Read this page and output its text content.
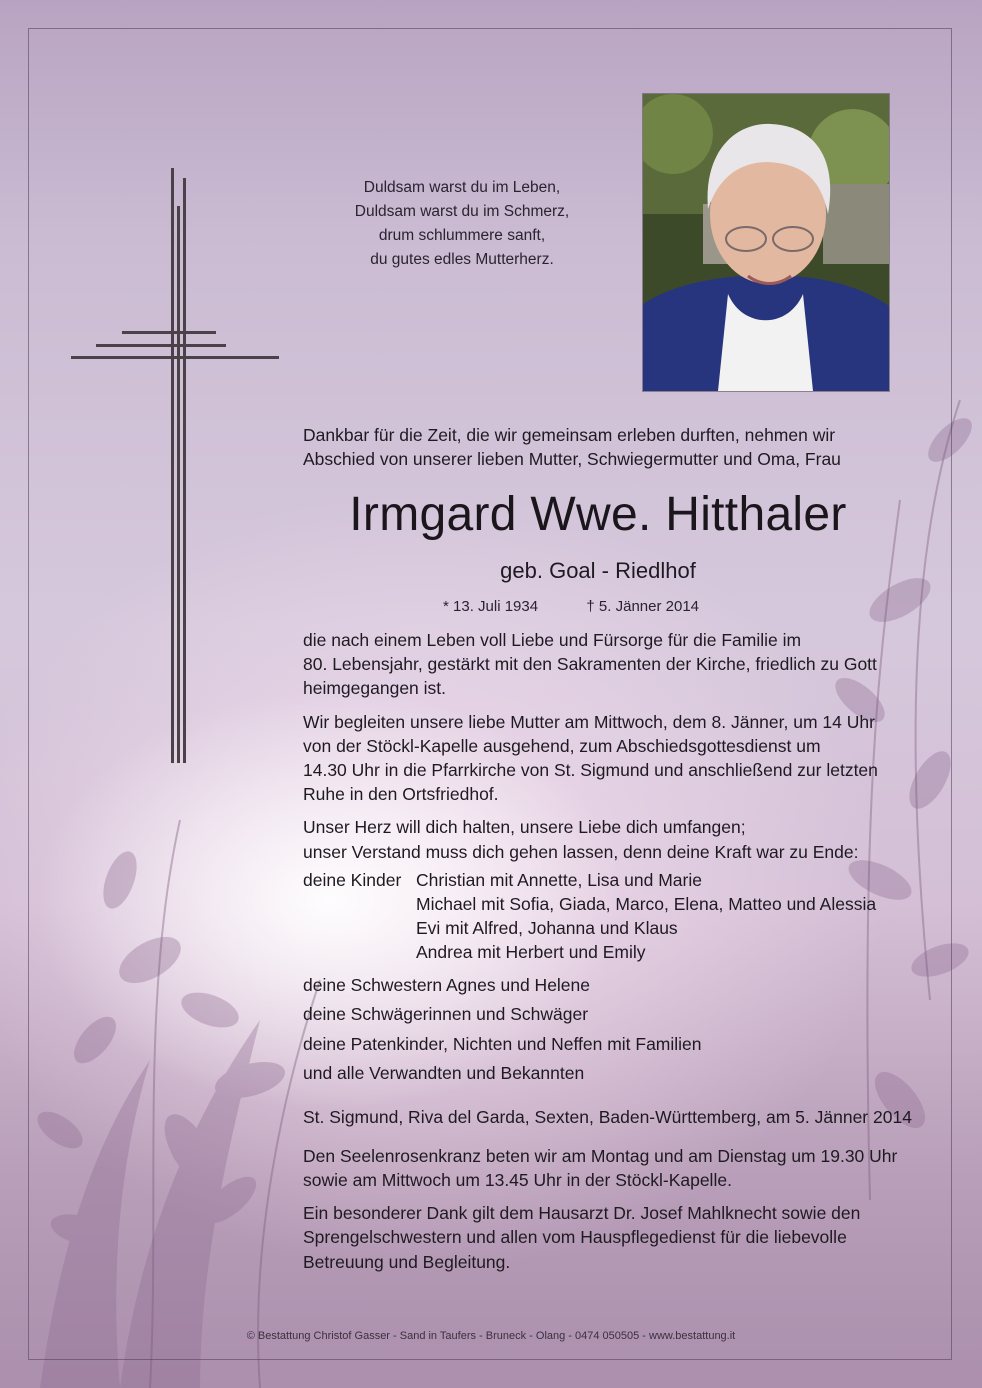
Duldsam warst du im Leben,
Duldsam warst du im Schmerz,
drum schlummere sanft,
du gutes edles Mutterherz.
Dankbar für die Zeit, die wir gemeinsam erleben durften, nehmen wir
Abschied von unserer lieben Mutter, Schwiegermutter und Oma, Frau
Irmgard Wwe. Hitthaler
geb. Goal - Riedlhof
* 13. Juli 1934	† 5. Jänner 2014
die nach einem Leben voll Liebe und Fürsorge für die Familie im
80. Lebensjahr, gestärkt mit den Sakramenten der Kirche, friedlich zu Gott
heimgegangen ist.
Wir begleiten unsere liebe Mutter am Mittwoch, dem 8. Jänner, um 14 Uhr
von der Stöckl-Kapelle ausgehend, zum Abschiedsgottesdienst um
14.30 Uhr in die Pfarrkirche von St. Sigmund und anschließend zur letzten
Ruhe in den Ortsfriedhof.
Unser Herz will dich halten, unsere Liebe dich umfangen;
unser Verstand muss dich gehen lassen, denn deine Kraft war zu Ende:
deine Kinder Christian mit Annette, Lisa und Marie
Michael mit Sofia, Giada, Marco, Elena, Matteo und Alessia
Evi mit Alfred, Johanna und Klaus
Andrea mit Herbert und Emily
deine Schwestern Agnes und Helene
deine Schwägerinnen und Schwäger
deine Patenkinder, Nichten und Neffen mit Familien
und alle Verwandten und Bekannten
St. Sigmund, Riva del Garda, Sexten, Baden-Württemberg, am 5. Jänner 2014
Den Seelenrosenkranz beten wir am Montag und am Dienstag um 19.30 Uhr
sowie am Mittwoch um 13.45 Uhr in der Stöckl-Kapelle.
Ein besonderer Dank gilt dem Hausarzt Dr. Josef Mahlknecht sowie den
Sprengelschwestern und allen vom Hauspflegedienst für die liebevolle
Betreuung und Begleitung.
© Bestattung Christof Gasser - Sand in Taufers - Bruneck - Olang - 0474 050505 - www.bestattung.it
